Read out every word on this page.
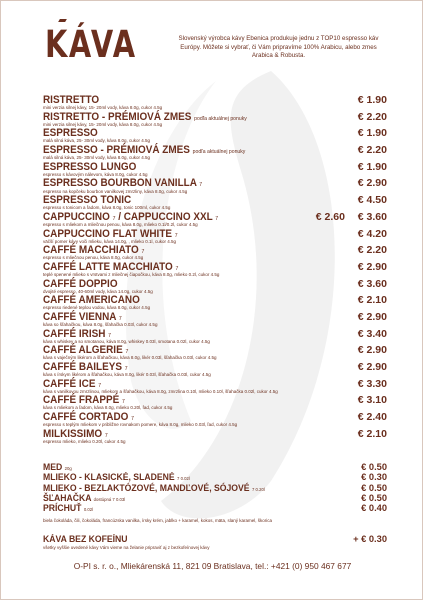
KÁVA	Slovenský výrobca kávy Ebenica produkuje jednu z TOP10 espresso káv Európy. Môžete si vybrať, či Vám pripravíme 100% Arabicu, alebo zmes Arabica & Robusta.
RISTRETTO
mini verzia silnej kávy, 15- 20ml vody, káva 8.0g, cukor 4.5g
€ 1.90
RISTRETTO - PRÉMIOVÁ ZMES podľa aktuálnej ponuky
mini verzia silnej kávy, 15- 20ml vody, káva 8.0g, cukor 4.5g
€ 2.20
ESPRESSO
malá silná káva, 25- 30ml vody, káva 8.0g, cukor 4.5g
€ 1.90
ESPRESSO - PRÉMIOVÁ ZMES podľa aktuálnej ponuky
malá silná káva, 25- 30ml vody, káva 8.0g, cukor 4.5g
€ 2.20
ESPRESSO LUNGO
espresso s kávovým nálevom, káva 8.0g, cukor 4.5g
€ 1.90
ESPRESSO BOURBON VANILLA 7
espresso na kopčeku bourbon vanilkovej zmrzliny, káva 8.0g, cukor 4.5g
€ 2.90
ESPRESSO TONIC
espresso s tonicom a ľadom, káva 8.0g, tonic 100ml, cukor 4.5g
€ 4.50
CAPPUCCINO 7 / CAPPUCCINO XXL 7
espresso s mliekom a mliečnou penou, káva 8.0g, mlieko 0.1l/0.2l, cukor 4.5g
€ 2.60 € 3.60
CAPPUCCINO FLAT WHITE 7
väčší pomer kávy voči mlieku, káva 14.0g, , mlieko 0.1l, cukor 4.5g
€ 4.20
CAFFÉ MACCHIATO 7
espresso s mliečnou penou, káva 8.0g, cukor 4.5g
€ 2.20
CAFFÉ LATTE MACCHIATO 7
teplé spenené mlieko s vrstvami z mliečnej čiapočkou, káva 8.0g, mlieko 0.2l, cukor 4.5g
€ 2.90
CAFFÉ DOPPIO
dvojité espresso, 40-60ml vody, káva 14.0g, cukor 4.5g
€ 3.60
CAFFÉ AMERICANO
espresso riedené teplou vodou, káva 8.0g, cukor 4.5g
€ 2.10
CAFFÉ VIENNA 7
káva so šľahačkou, káva 8.0g, šľahačka 0.03l, cukor 4.5g
€ 2.90
CAFFÉ IRISH 7
káva s whiskey a so smotanou, káva 8.0g, whiskey 0.03l, smotana 0.02l, cukor 4.5g
€ 3.40
CAFFÉ ALGERIE 7
káva s vaječným likérom a šľahačkou, káva 8.0g, likér 0.03l, šľahačka 0.03l, cukor 4.5g
€ 2.90
CAFFÉ BAILEYS 7
káva s írskym likérom a šľahačkou, káva 8.0g, likér 0.03l, šľahačka 0.03l, cukor 4.5g
€ 2.90
CAFFÉ ICE 7
káva s vanilkovou zmrzlinou, mliekom a šľahačkou, káva 8.0g, zmrzlina 0.10l, mlieko 0.10l, šľahačka 0.02l, cukor 4.5g
€ 3.30
CAFFÉ FRAPPÉ 7
káva s mliekom a ľadom, káva 8.0g, mlieko 0.20l, ľad, cukor 4.5g
€ 3.10
CAFFÉ CORTADO 7
espresso s teplým mliekom v približne rovnakom pomere, káva 8.0g, mlieko 0.03l, ľad, cukor 4.5g
€ 2.40
MILKISSIMO 7
espresso mlieko, mlieko 0.20l, cukor 4.5g
€ 2.10
MED 20g	€ 0.50
MLIEKO - KLASICKÉ, SLADENÉ 7 0.02l	€ 0.30
MLIEKO - BEZLAKTÓZOVÉ, MANDĽOVÉ, SÓJOVÉ 7 0.20l	€ 0.50
ŠĽAHAČKA dostúpná 7 0.03l	€ 0.50
PRÍCHUŤ 0.02l	€ 0.40
biela čokoláda, čili, čokoláda, francúzska vanilka, írsky krém, jablko + karamel, kokos, mäta, slaný karamel, škorica
KÁVA BEZ KOFEÍNU	+ € 0.30
všetky vyššie uvedené kávy Vám vieme na želanie pripraviť aj z bezkofeínovej kávy
O-PI s. r. o., Mliekárenská 11, 821 09 Bratislava, tel.: +421 (0) 950 467 677
